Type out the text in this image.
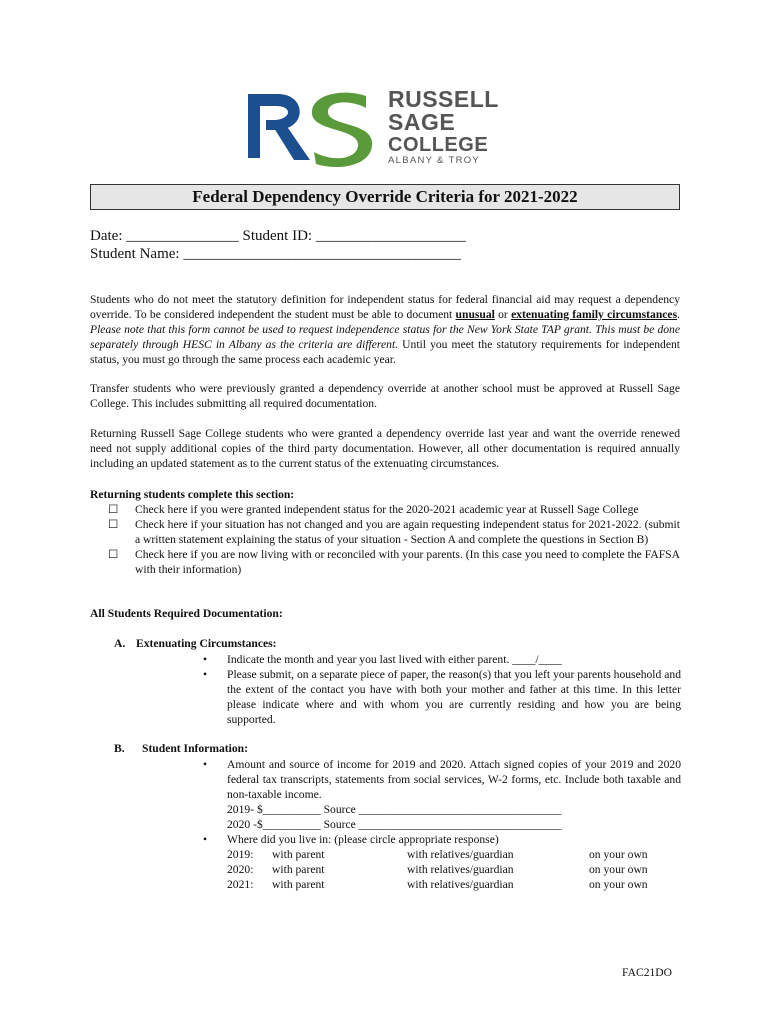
RUSSELL
SAGE
COLLEGE
ALBANY & TROY
Federal Dependency Override Criteria for 2021-2022
Date: _______________ Student ID: ____________________
Student Name: _____________________________________

Students who do not meet the statutory definition for independent status for federal financial aid may request a dependency override. To be considered independent the student must be able to document unusual or extenuating family circumstances. Please note that this form cannot be used to request independence status for the New York State TAP grant. This must be done separately through HESC in Albany as the criteria are different. Until you meet the statutory requirements for independent status, you must go through the same process each academic year.

Transfer students who were previously granted a dependency override at another school must be approved at Russell Sage College. This includes submitting all required documentation.

Returning Russell Sage College students who were granted a dependency override last year and want the override renewed need not supply additional copies of the third party documentation. However, all other documentation is required annually including an updated statement as to the current status of the extenuating circumstances.

Returning students complete this section:

☐ Check here if you were granted independent status for the 2020-2021 academic year at Russell Sage College
☐ Check here if your situation has not changed and you are again requesting independent status for 2021-2022. (submit a written statement explaining the status of your situation - Section A and complete the questions in Section B)
☐ Check here if you are now living with or reconciled with your parents. (In this case you need to complete the FAFSA with their information)
All Students Required Documentation:
A. Extenuating Circumstances:
• Indicate the month and year you last lived with either parent. ____/____
• Please submit, on a separate piece of paper, the reason(s) that you left your parents household and the extent of the contact you have with both your mother and father at this time. In this letter please indicate where and with whom you are currently residing and how you are being supported.
B. Student Information:
• Amount and source of income for 2019 and 2020. Attach signed copies of your 2019 and 2020 federal tax transcripts, statements from social services, W-2 forms, etc. Include both taxable and non-taxable income.
2019- $__________ Source ___________________________________
2020 -$__________ Source ___________________________________
• Where did you live in: (please circle appropriate response)
2019: with parent	with relatives/guardian	on your own
2020: with parent	with relatives/guardian	on your own
2021: with parent	with relatives/guardian	on your own
FAC21DO
